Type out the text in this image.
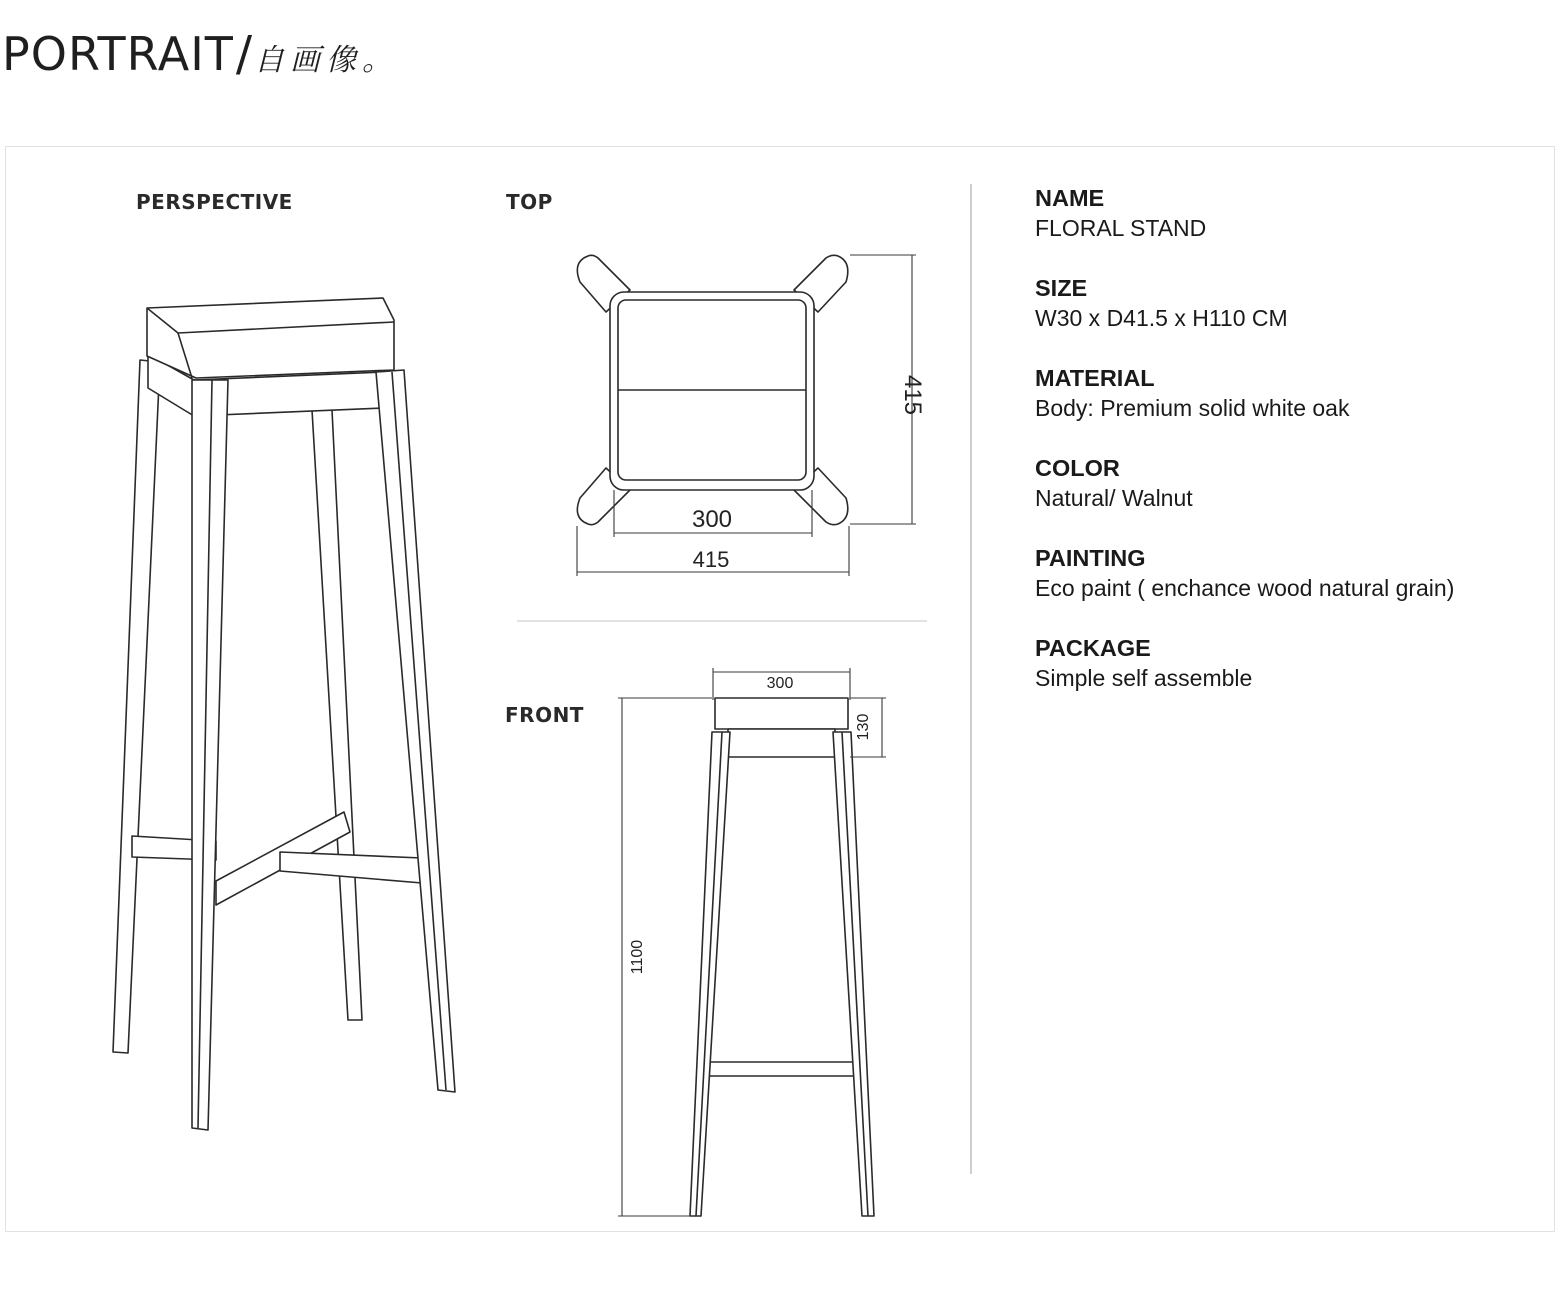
PORTRAIT/自画像。
PERSPECTIVE	TOP
FRONT
300
415
415
300
130
1100
NAME
FLORAL STAND
SIZE
W30 x D41.5 x H110 CM
MATERIAL
Body: Premium solid white oak
COLOR
Natural/ Walnut
PAINTING
Eco paint ( enchance wood natural grain)
PACKAGE
Simple self assemble
